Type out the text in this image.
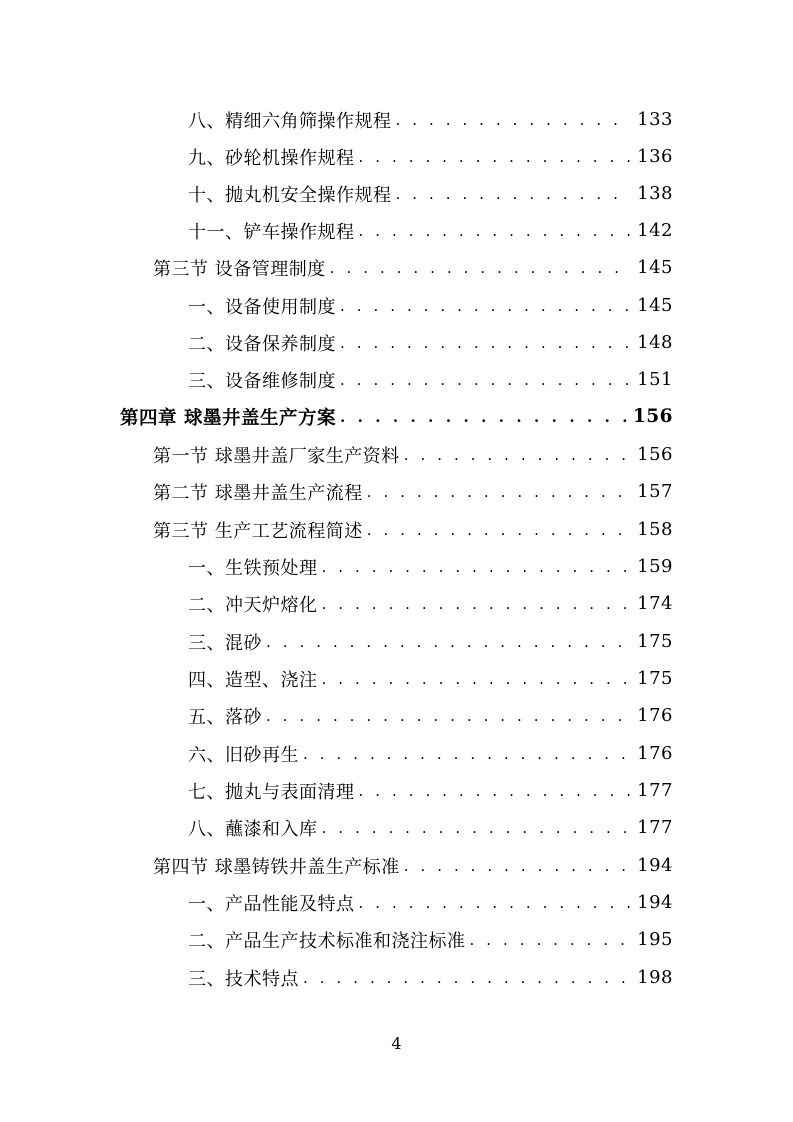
八、精细六角筛操作规程 . . .	133
九、砂轮机操作规程 . . .	136
十、抛丸机安全操作规程 . . .	138
十一、铲车操作规程 . . .	142
第三节 设备管理制度 . . .	145
一、设备使用制度 . . .	145
二、设备保养制度 . . .	148
三、设备维修制度 . . .	151
第四章 球墨井盖生产方案 . . .	156
第一节 球墨井盖厂家生产资料 . . .	156
第二节 球墨井盖生产流程 . . .	157
第三节 生产工艺流程简述 . . .	158
一、生铁预处理 . . .	159
二、冲天炉熔化 . . .	174
三、混砂 . . .	175
四、造型、浇注 . . .	175
五、落砂 . . .	176
六、旧砂再生 . . .	176
七、抛丸与表面清理 . . .	177
八、蘸漆和入库 . . .	177
第四节 球墨铸铁井盖生产标准 . . .	194
一、产品性能及特点 . . .	194
二、产品生产技术标准和浇注标准 . . .	195
三、技术特点 . . .	198
4
